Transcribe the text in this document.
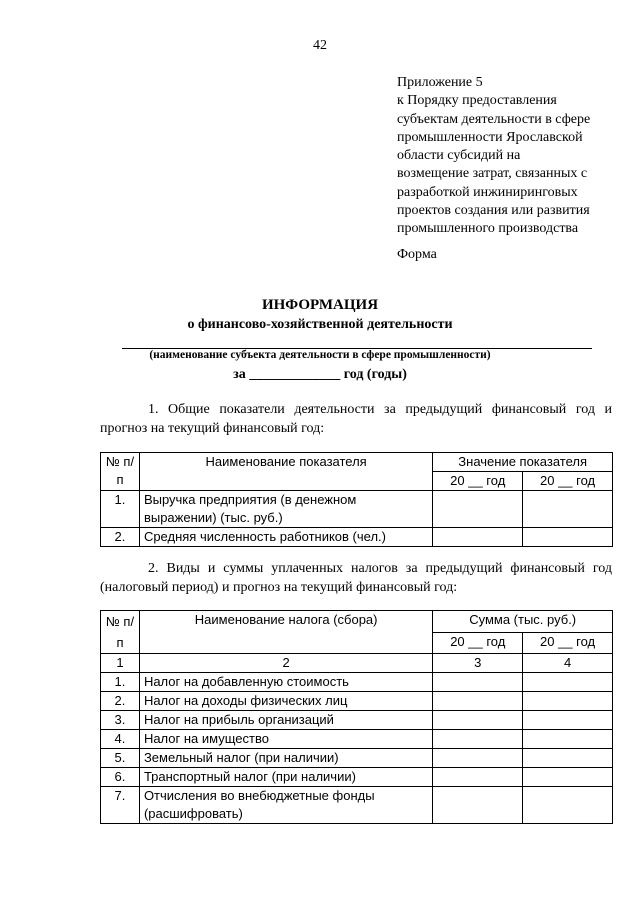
42
Приложение 5
к Порядку предоставления
субъектам деятельности в сфере
промышленности Ярославской
области субсидий на
возмещение затрат, связанных с
разработкой инжиниринговых
проектов создания или развития
промышленного производства
Форма
ИНФОРМАЦИЯ
о финансово-хозяйственной деятельности
(наименование субъекта деятельности в сфере промышленности)
за _____________ год (годы)

1. Общие показатели деятельности за предыдущий финансовый год и прогноз на текущий финансовый год:

№ п/п	Наименование показателя	Значение показателя	
		20 __ год	20 __ год
1.	Выручка предприятия (в денежном выражении) (тыс. руб.)		
2.	Средняя численность работников (чел.)		

2. Виды и суммы уплаченных налогов за предыдущий финансовый год (налоговый период) и прогноз на текущий финансовый год:

№ п/п	Наименование налога (сбора)	Сумма (тыс. руб.)	
		20 __ год	20 __ год
1	2	3	4
1.	Налог на добавленную стоимость		
2.	Налог на доходы физических лиц		
3.	Налог на прибыль организаций		
4.	Налог на имущество		
5.	Земельный налог (при наличии)		
6.	Транспортный налог (при наличии)		
7.	Отчисления во внебюджетные фонды (расшифровать)		
